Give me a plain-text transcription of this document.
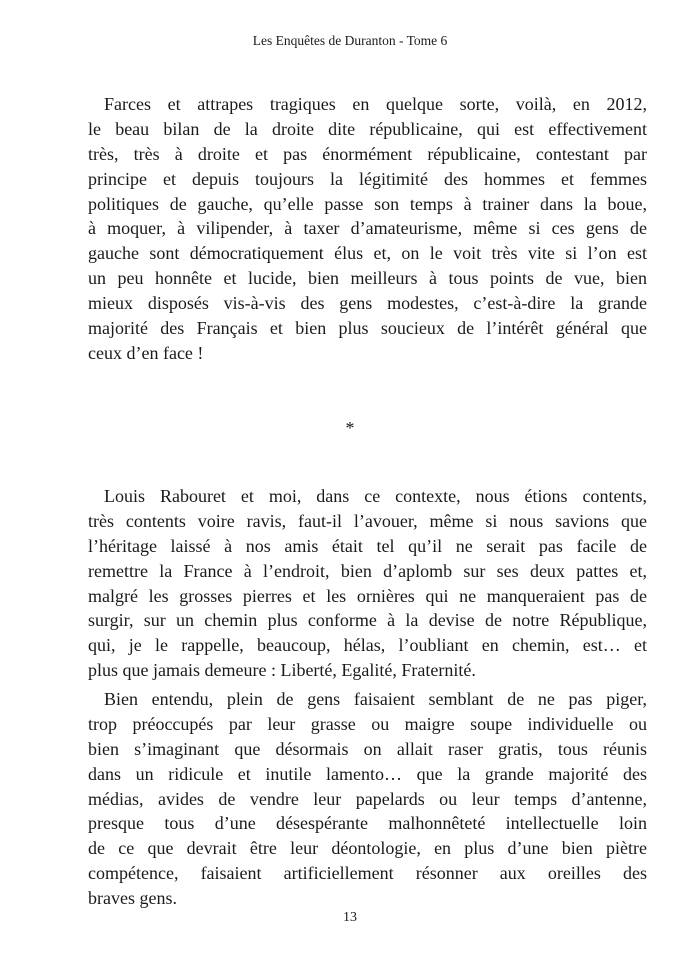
Les Enquêtes de Duranton - Tome 6
Farces et attrapes tragiques en quelque sorte, voilà, en 2012,
le beau bilan de la droite dite républicaine, qui est effectivement
très, très à droite et pas énormément républicaine, contestant par
principe et depuis toujours la légitimité des hommes et femmes
politiques de gauche, qu’elle passe son temps à trainer dans la boue,
à moquer, à vilipender, à taxer d’amateurisme, même si ces gens de
gauche sont démocratiquement élus et, on le voit très vite si l’on est
un peu honnête et lucide, bien meilleurs à tous points de vue, bien
mieux disposés vis-à-vis des gens modestes, c’est-à-dire la grande
majorité des Français et bien plus soucieux de l’intérêt général que
ceux d’en face !
*
Louis Rabouret et moi, dans ce contexte, nous étions contents,
très contents voire ravis, faut-il l’avouer, même si nous savions que
l’héritage laissé à nos amis était tel qu’il ne serait pas facile de
remettre la France à l’endroit, bien d’aplomb sur ses deux pattes et,
malgré les grosses pierres et les ornières qui ne manqueraient pas de
surgir, sur un chemin plus conforme à la devise de notre République,
qui, je le rappelle, beaucoup, hélas, l’oubliant en chemin, est… et
plus que jamais demeure : Liberté, Egalité, Fraternité.
Bien entendu, plein de gens faisaient semblant de ne pas piger,
trop préoccupés par leur grasse ou maigre soupe individuelle ou
bien s’imaginant que désormais on allait raser gratis, tous réunis
dans un ridicule et inutile lamento… que la grande majorité des
médias, avides de vendre leur papelards ou leur temps d’antenne,
presque tous d’une désespérante malhonnêteté intellectuelle loin
de ce que devrait être leur déontologie, en plus d’une bien piètre
compétence, faisaient artificiellement résonner aux oreilles des
braves gens.
13
